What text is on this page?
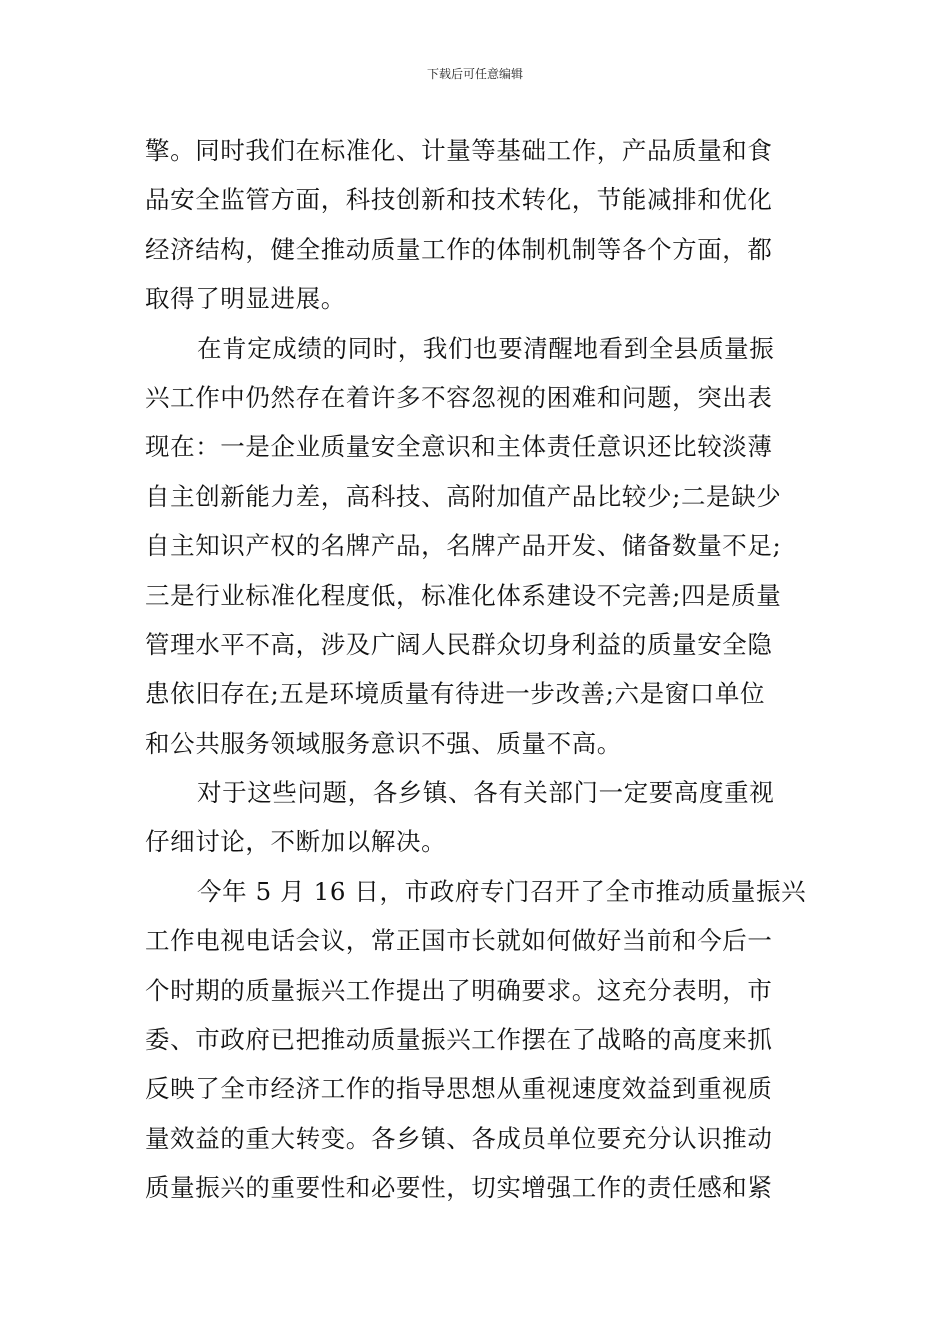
下载后可任意编辑
擎。同时我们在标准化、计量等基础工作，产品质量和食
品安全监管方面，科技创新和技术转化，节能减排和优化
经济结构，健全推动质量工作的体制机制等各个方面，都
取得了明显进展。
在肯定成绩的同时，我们也要清醒地看到全县质量振
兴工作中仍然存在着许多不容忽视的困难和问题，突出表
现在：一是企业质量安全意识和主体责任意识还比较淡薄
自主创新能力差，高科技、高附加值产品比较少;二是缺少
自主知识产权的名牌产品，名牌产品开发、储备数量不足;
三是行业标准化程度低，标准化体系建设不完善;四是质量
管理水平不高，涉及广阔人民群众切身利益的质量安全隐
患依旧存在;五是环境质量有待进一步改善;六是窗口单位
和公共服务领域服务意识不强、质量不高。
对于这些问题，各乡镇、各有关部门一定要高度重视
仔细讨论，不断加以解决。
今年 5 月 16 日，市政府专门召开了全市推动质量振兴
工作电视电话会议，常正国市长就如何做好当前和今后一
个时期的质量振兴工作提出了明确要求。这充分表明，市
委、市政府已把推动质量振兴工作摆在了战略的高度来抓
反映了全市经济工作的指导思想从重视速度效益到重视质
量效益的重大转变。各乡镇、各成员单位要充分认识推动
质量振兴的重要性和必要性，切实增强工作的责任感和紧
